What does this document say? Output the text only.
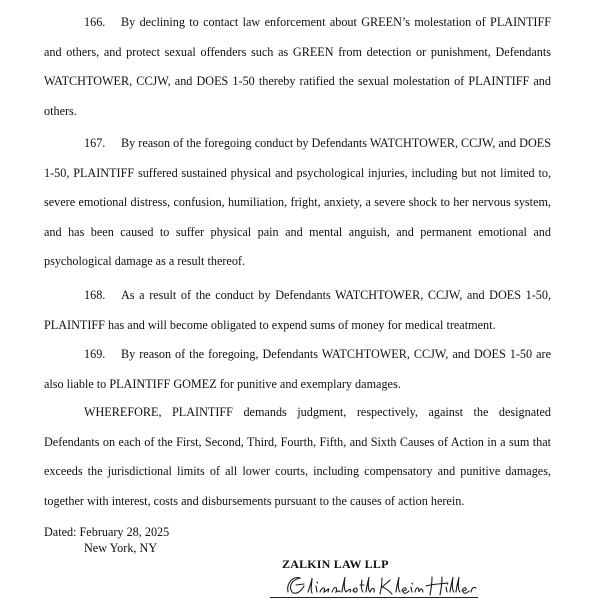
166. By declining to contact law enforcement about GREEN’s molestation of PLAINTIFF and others, and protect sexual offenders such as GREEN from detection or punishment, Defendants WATCHTOWER, CCJW, and DOES 1-50 thereby ratified the sexual molestation of PLAINTIFF and others.

167. By reason of the foregoing conduct by Defendants WATCHTOWER, CCJW, and DOES 1-50, PLAINTIFF suffered sustained physical and psychological injuries, including but not limited to, severe emotional distress, confusion, humiliation, fright, anxiety, a severe shock to her nervous system, and has been caused to suffer physical pain and mental anguish, and permanent emotional and psychological damage as a result thereof.

168. As a result of the conduct by Defendants WATCHTOWER, CCJW, and DOES 1-50, PLAINTIFF has and will become obligated to expend sums of money for medical treatment.

169. By reason of the foregoing, Defendants WATCHTOWER, CCJW, and DOES 1-50 are also liable to PLAINTIFF GOMEZ for punitive and exemplary damages.

WHEREFORE, PLAINTIFF demands judgment, respectively, against the designated Defendants on each of the First, Second, Third, Fourth, Fifth, and Sixth Causes of Action in a sum that exceeds the jurisdictional limits of all lower courts, including compensatory and punitive damages, together with interest, costs and disbursements pursuant to the causes of action herein.

Dated: February 28, 2025
New York, NY
ZALKIN LAW LLP
